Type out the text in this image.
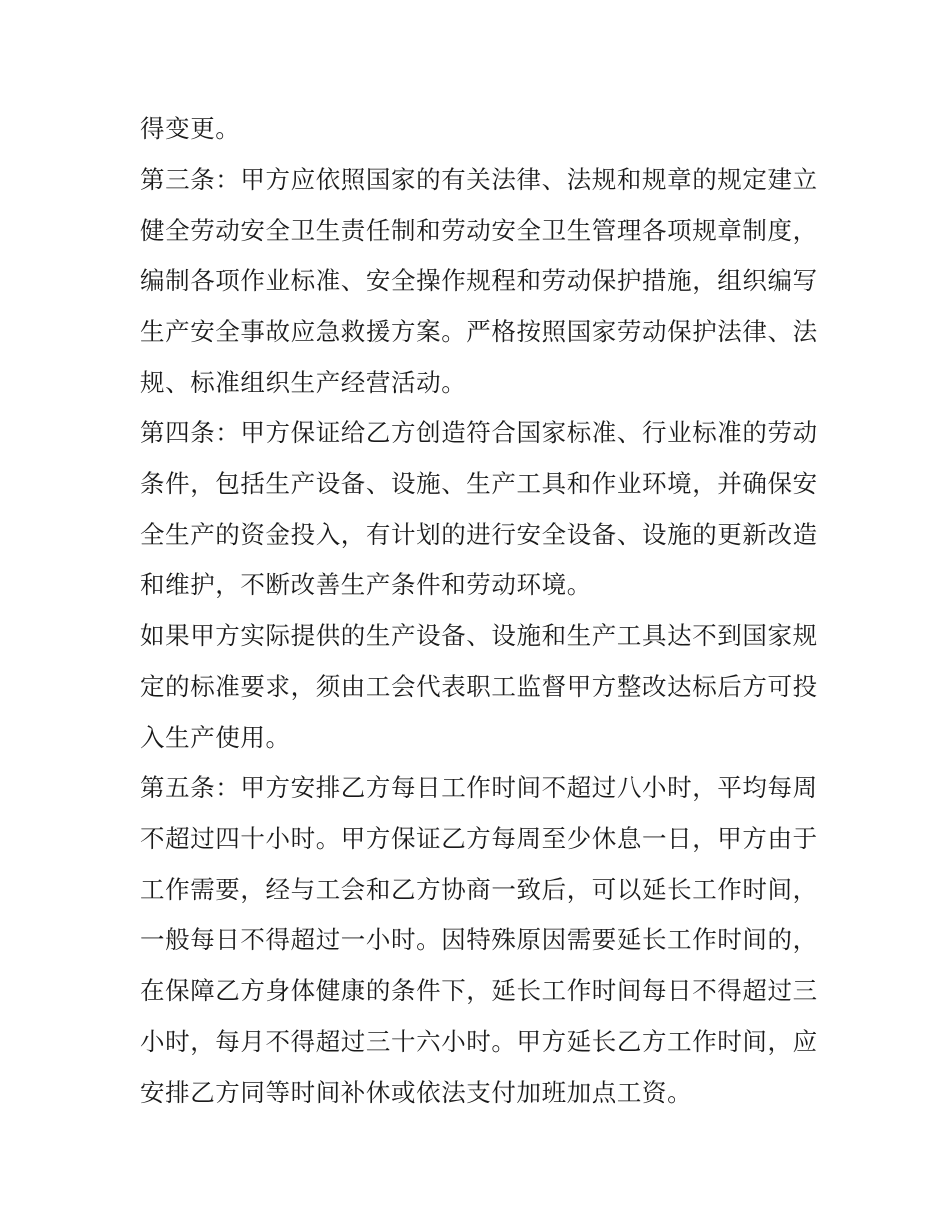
得变更。

第三条：甲方应依照国家的有关法律、法规和规章的规定建立

健全劳动安全卫生责任制和劳动安全卫生管理各项规章制度，

编制各项作业标准、安全操作规程和劳动保护措施，组织编写

生产安全事故应急救援方案。严格按照国家劳动保护法律、法

规、标准组织生产经营活动。

第四条：甲方保证给乙方创造符合国家标准、行业标准的劳动

条件，包括生产设备、设施、生产工具和作业环境，并确保安

全生产的资金投入，有计划的进行安全设备、设施的更新改造

和维护，不断改善生产条件和劳动环境。

如果甲方实际提供的生产设备、设施和生产工具达不到国家规

定的标准要求，须由工会代表职工监督甲方整改达标后方可投

入生产使用。

第五条：甲方安排乙方每日工作时间不超过八小时，平均每周

不超过四十小时。甲方保证乙方每周至少休息一日，甲方由于

工作需要，经与工会和乙方协商一致后，可以延长工作时间，

一般每日不得超过一小时。因特殊原因需要延长工作时间的，

在保障乙方身体健康的条件下，延长工作时间每日不得超过三

小时，每月不得超过三十六小时。甲方延长乙方工作时间，应

安排乙方同等时间补休或依法支付加班加点工资。
